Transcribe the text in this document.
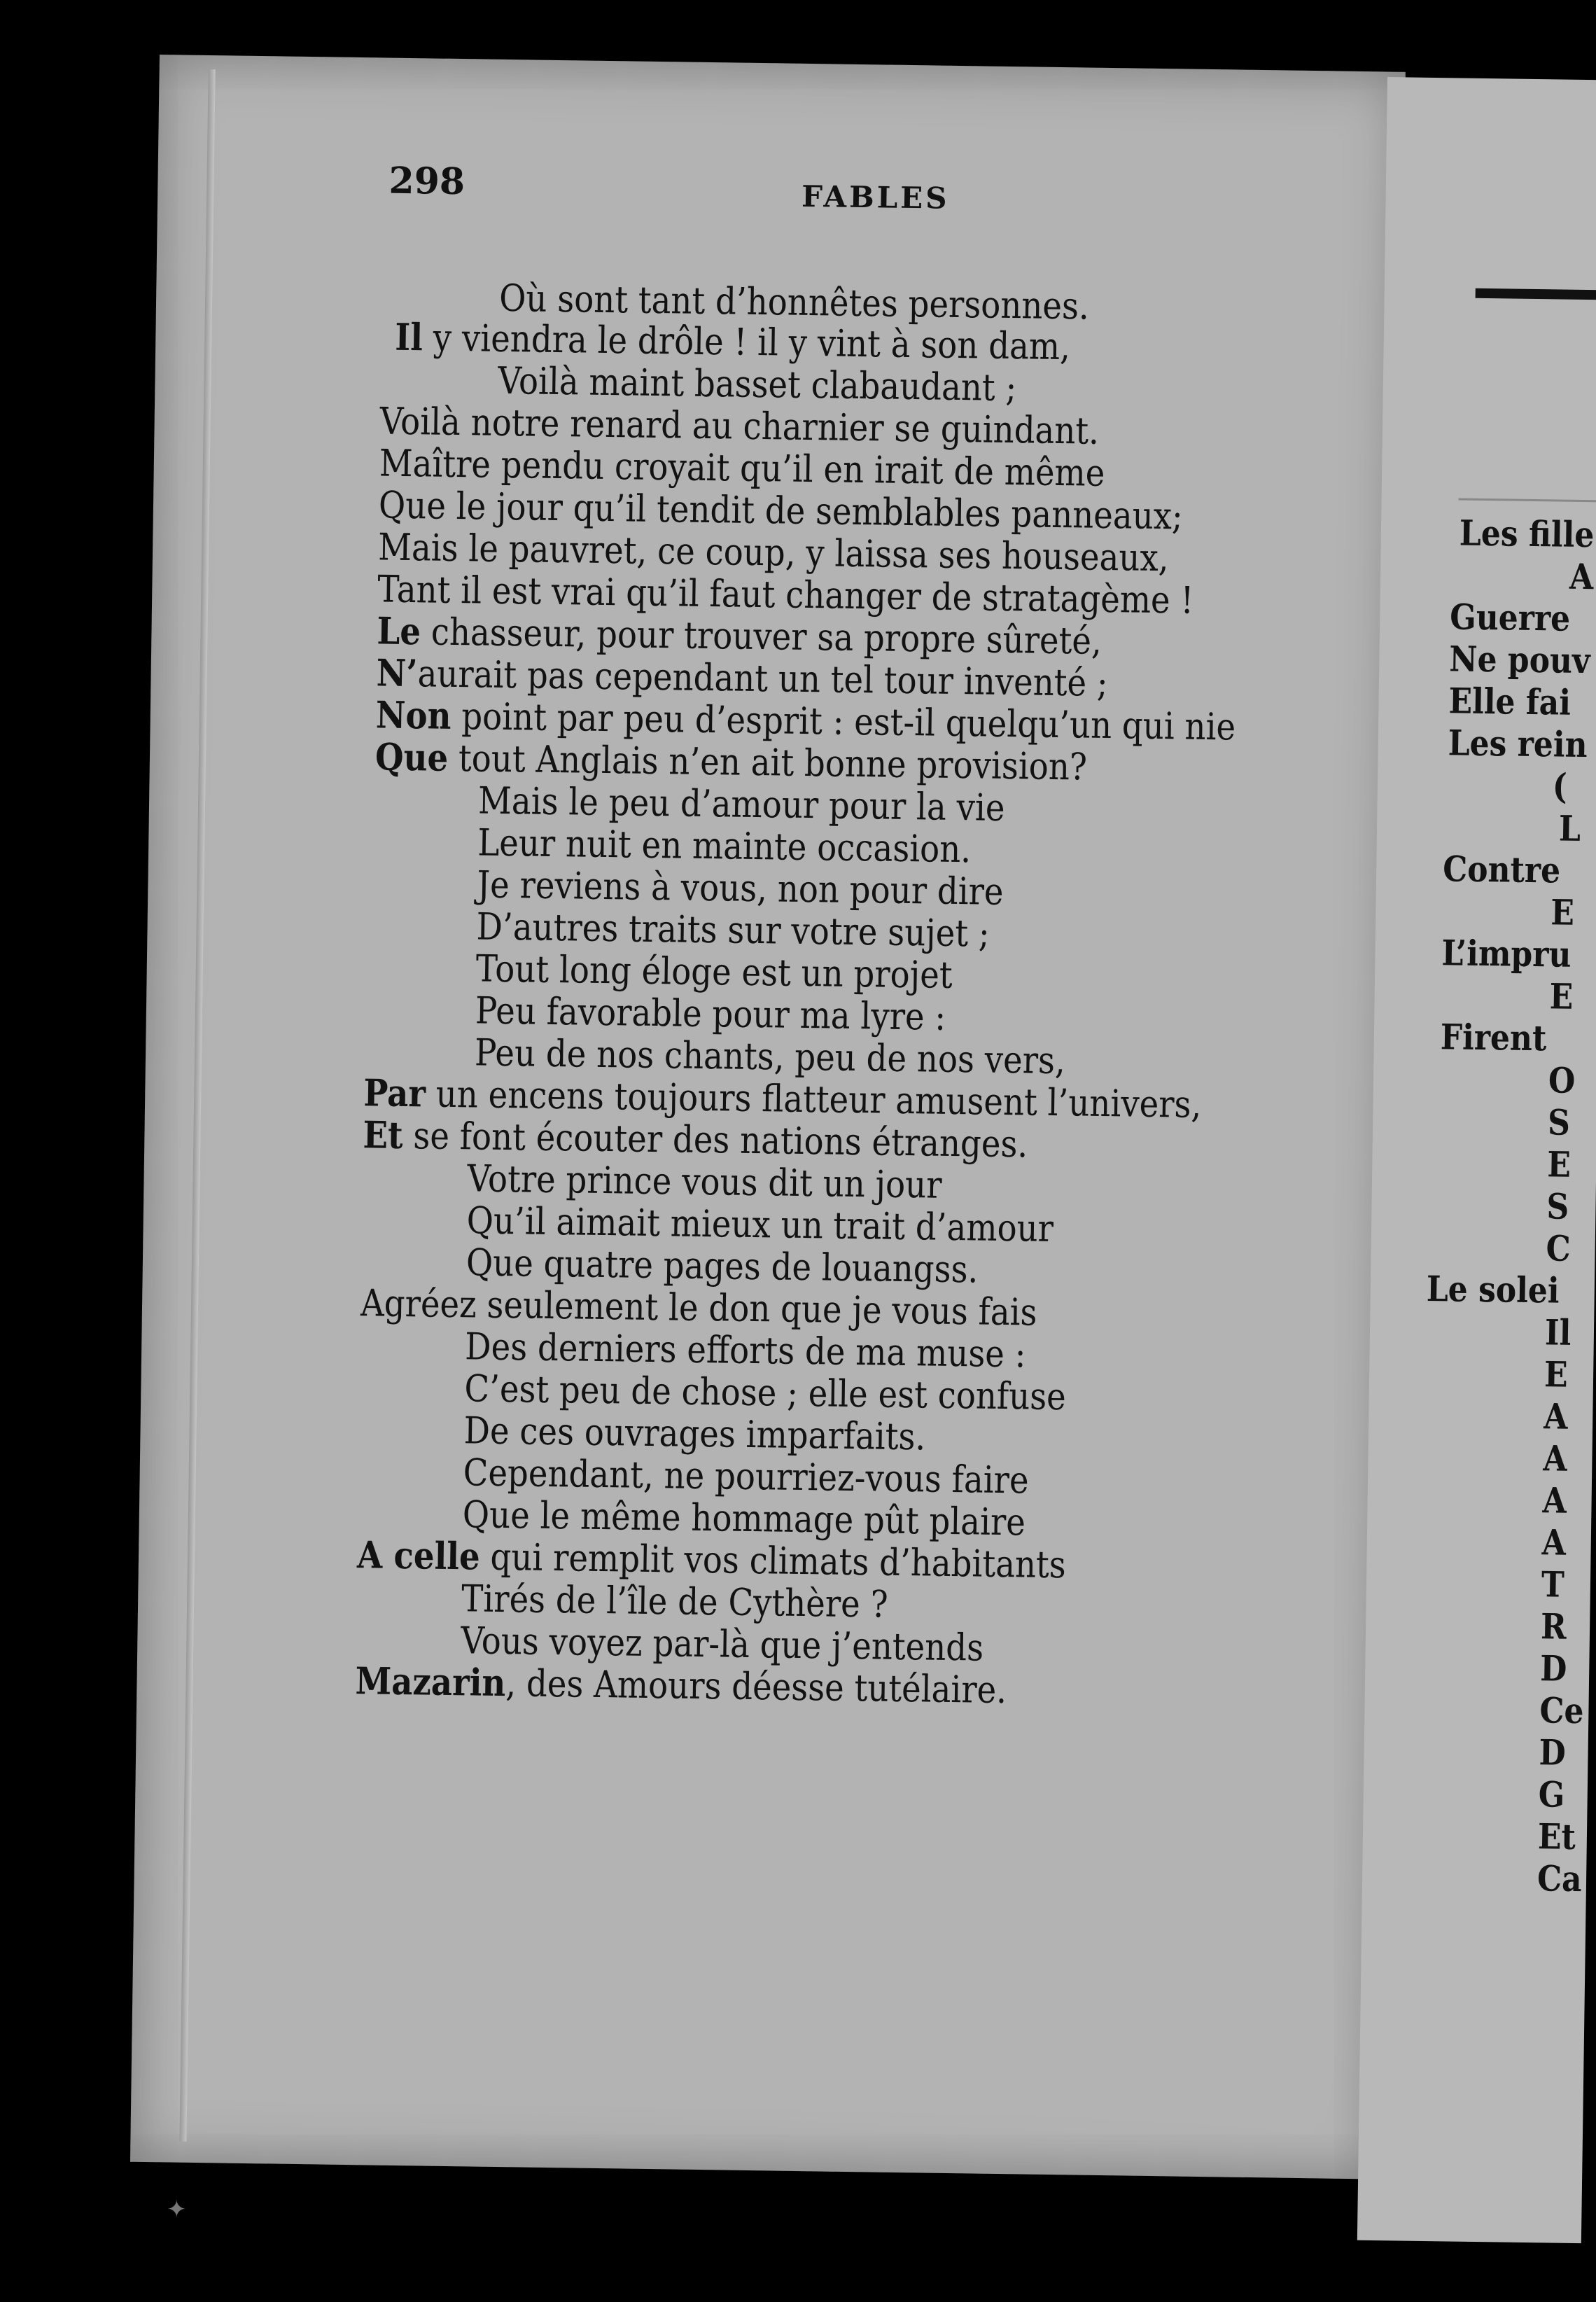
298	FABLES
Où sont tant d’honnêtes personnes.
Il y viendra le drôle ! il y vint à son dam,
Voilà maint basset clabaudant ;
Voilà notre renard au charnier se guindant.
Maître pendu croyait qu’il en irait de même
Que le jour qu’il tendit de semblables panneaux;
Mais le pauvret, ce coup, y laissa ses houseaux,
Tant il est vrai qu’il faut changer de stratagème !
Le chasseur, pour trouver sa propre sûreté,
N’aurait pas cependant un tel tour inventé ;
Non point par peu d’esprit : est-il quelqu’un qui nie
Que tout Anglais n’en ait bonne provision?
Mais le peu d’amour pour la vie
Leur nuit en mainte occasion.
Je reviens à vous, non pour dire
D’autres traits sur votre sujet ;
Tout long éloge est un projet
Peu favorable pour ma lyre :
Peu de nos chants, peu de nos vers,
Par un encens toujours flatteur amusent l’univers,
Et se font écouter des nations étranges.
Votre prince vous dit un jour
Qu’il aimait mieux un trait d’amour
Que quatre pages de louangss.
Agréez seulement le don que je vous fais
Des derniers efforts de ma muse :
C’est peu de chose ; elle est confuse
De ces ouvrages imparfaits.
Cependant, ne pourriez-vous faire
Que le même hommage pût plaire
A celle qui remplit vos climats d’habitants
Tirés de l’île de Cythère ?
Vous voyez par-là que j’entends
Mazarin, des Amours déesse tutélaire.
Les fille
A
Guerre
Ne pouv
Elle fai
Les rein
(
L
Contre
E
L’impru
E
Firent
O
S
E
S
C
Le solei
Il
E
A
A
A
A
T
R
D
Ce
D
G
Et
Ca
✦
